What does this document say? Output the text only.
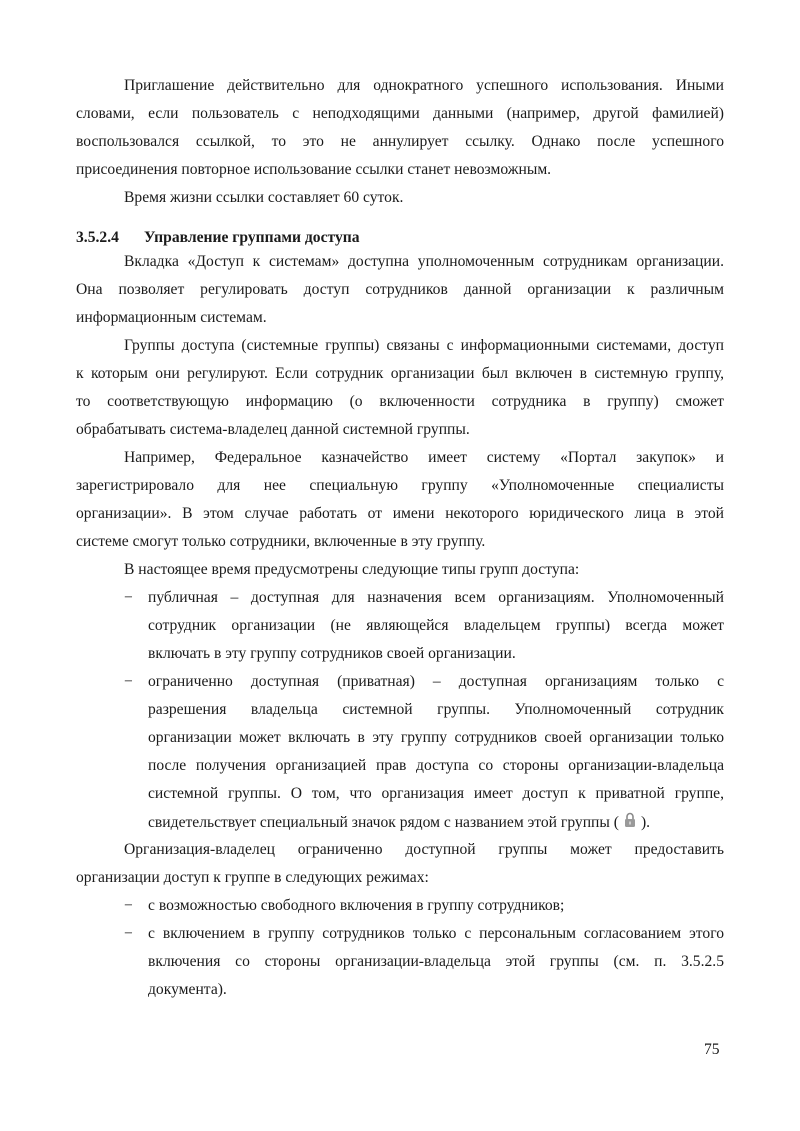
Приглашение действительно для однократного успешного использования. Иными
словами, если пользователь с неподходящими данными (например, другой фамилией)
воспользовался ссылкой, то это не аннулирует ссылку. Однако после успешного
присоединения повторное использование ссылки станет невозможным.
Время жизни ссылки составляет 60 суток.
3.5.2.4 Управление группами доступа
Вкладка «Доступ к системам» доступна уполномоченным сотрудникам организации.
Она позволяет регулировать доступ сотрудников данной организации к различным
информационным системам.
Группы доступа (системные группы) связаны с информационными системами, доступ
к которым они регулируют. Если сотрудник организации был включен в системную группу,
то соответствующую информацию (о включенности сотрудника в группу) сможет
обрабатывать система-владелец данной системной группы.
Например, Федеральное казначейство имеет систему «Портал закупок» и
зарегистрировало для нее специальную группу «Уполномоченные специалисты
организации». В этом случае работать от имени некоторого юридического лица в этой
системе смогут только сотрудники, включенные в эту группу.
В настоящее время предусмотрены следующие типы групп доступа:
− публичная – доступная для назначения всем организациям. Уполномоченный
сотрудник организации (не являющейся владельцем группы) всегда может
включать в эту группу сотрудников своей организации.
− ограниченно доступная (приватная) – доступная организациям только с
разрешения владельца системной группы. Уполномоченный сотрудник
организации может включать в эту группу сотрудников своей организации только
после получения организацией прав доступа со стороны организации-владельца
системной группы. О том, что организация имеет доступ к приватной группе,
свидетельствует специальный значок рядом с названием этой группы ( ).
Организация-владелец ограниченно доступной группы может предоставить
организации доступ к группе в следующих режимах:
− с возможностью свободного включения в группу сотрудников;
− с включением в группу сотрудников только с персональным согласованием этого
включения со стороны организации-владельца этой группы (см. п. 3.5.2.5
документа).
75
